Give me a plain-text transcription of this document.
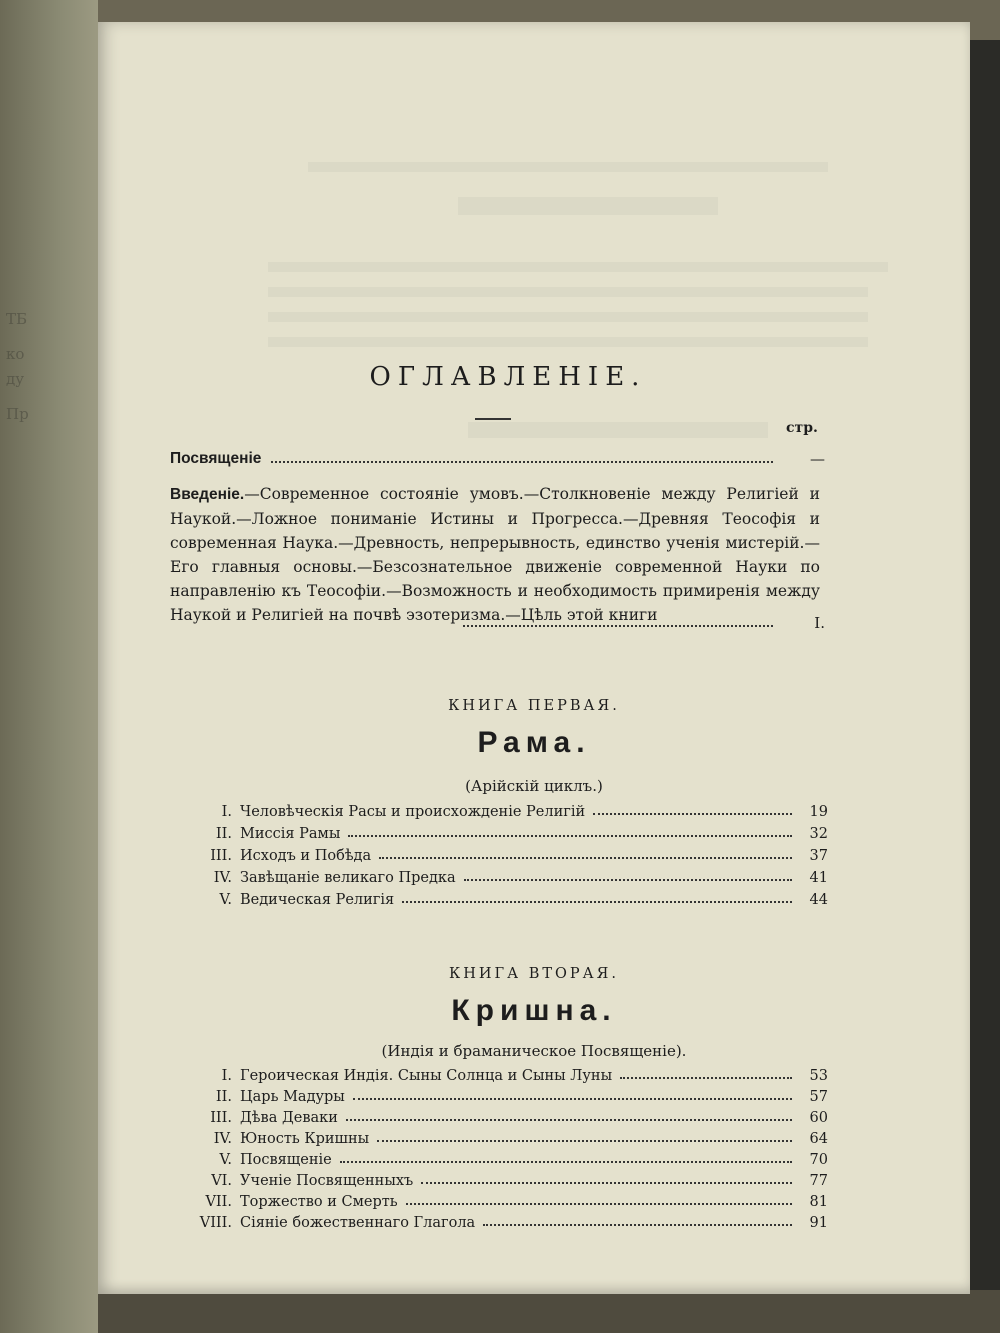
ТБ
ко
ду
Пр
ОГЛАВЛЕНІЕ.
стр.
Посвященіе	—
Введеніе.—Современное состояніе умовъ.—Столкновеніе между Религіей и Наукой.—Ложное пониманіе Истины и Прогресса.—Древняя Теософія и современная Наука.—Древность, непрерывность, единство ученія мистерій.—Его главныя основы.—Безсознательное движеніе современной Науки по направленію къ Теософіи.—Возможность и необходимость примиренія между Наукой и Религіей на почвѣ эзотеризма.—Цѣль этой книги	I.
КНИГА ПЕРВАЯ.
Рама.
(Арійскій циклъ.)
I. Человѣческія Расы и происхожденіе Религій	19
II. Миссія Рамы	32
III. Исходъ и Побѣда	37
IV. Завѣщаніе великаго Предка	41
V. Ведическая Религія	44
КНИГА ВТОРАЯ.
Кришна.
(Индія и браманическое Посвященіе).
I. Героическая Индія. Сыны Солнца и Сыны Луны	53
II. Царь Мадуры	57
III. Дѣва Деваки	60
IV. Юность Кришны	64
V. Посвященіе	70
VI. Ученіе Посвященныхъ	77
VII. Торжество и Смерть	81
VIII. Сіяніе божественнаго Глагола	91
